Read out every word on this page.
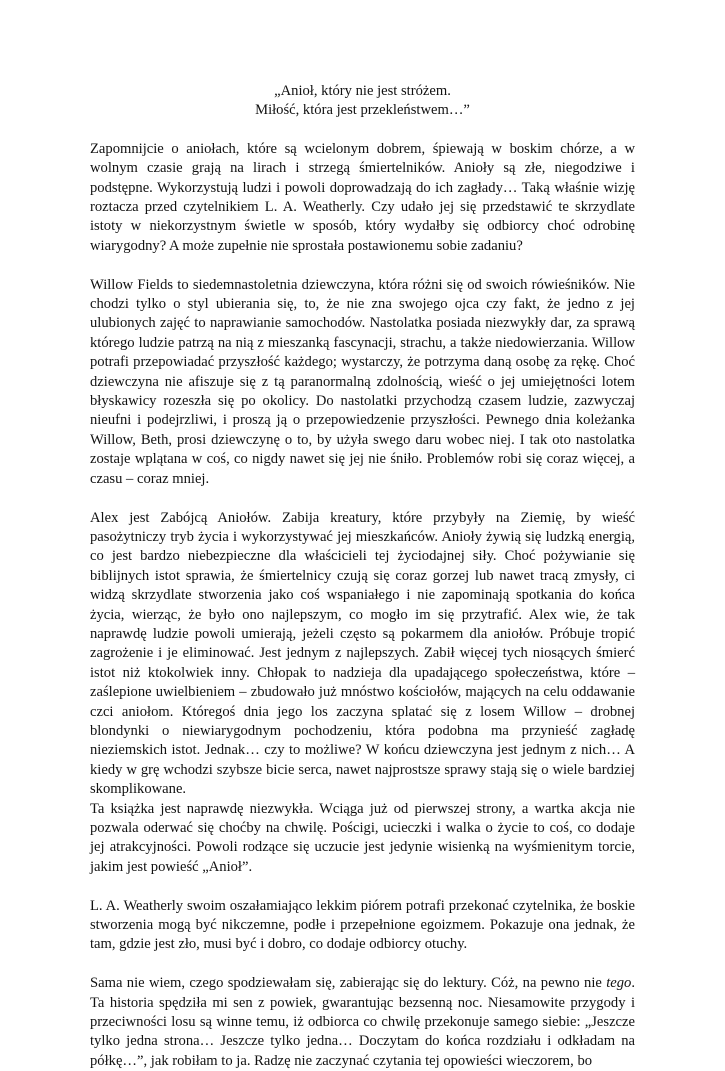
„Anioł, który nie jest stróżem.
Miłość, która jest przekleństwem…”

Zapomnijcie o aniołach, które są wcielonym dobrem, śpiewają w boskim chórze, a w wolnym czasie grają na lirach i strzegą śmiertelników. Anioły są złe, niegodziwe i podstępne. Wykorzystują ludzi i powoli doprowadzają do ich zagłady… Taką właśnie wizję roztacza przed czytelnikiem L. A. Weatherly. Czy udało jej się przedstawić te skrzydlate istoty w niekorzystnym świetle w sposób, który wydałby się odbiorcy choć odrobinę wiarygodny? A może zupełnie nie sprostała postawionemu sobie zadaniu?

Willow Fields to siedemnastoletnia dziewczyna, która różni się od swoich rówieśników. Nie chodzi tylko o styl ubierania się, to, że nie zna swojego ojca czy fakt, że jedno z jej ulubionych zajęć to naprawianie samochodów. Nastolatka posiada niezwykły dar, za sprawą którego ludzie patrzą na nią z mieszanką fascynacji, strachu, a także niedowierzania. Willow potrafi przepowiadać przyszłość każdego; wystarczy, że potrzyma daną osobę za rękę. Choć dziewczyna nie afiszuje się z tą paranormalną zdolnością, wieść o jej umiejętności lotem błyskawicy rozeszła się po okolicy. Do nastolatki przychodzą czasem ludzie, zazwyczaj nieufni i podejrzliwi, i proszą ją o przepowiedzenie przyszłości. Pewnego dnia koleżanka Willow, Beth, prosi dziewczynę o to, by użyła swego daru wobec niej. I tak oto nastolatka zostaje wplątana w coś, co nigdy nawet się jej nie śniło. Problemów robi się coraz więcej, a czasu – coraz mniej.

Alex jest Zabójcą Aniołów. Zabija kreatury, które przybyły na Ziemię, by wieść pasożytniczy tryb życia i wykorzystywać jej mieszkańców. Anioły żywią się ludzką energią, co jest bardzo niebezpieczne dla właścicieli tej życiodajnej siły. Choć pożywianie się biblijnych istot sprawia, że śmiertelnicy czują się coraz gorzej lub nawet tracą zmysły, ci widzą skrzydlate stworzenia jako coś wspaniałego i nie zapominają spotkania do końca życia, wierząc, że było ono najlepszym, co mogło im się przytrafić. Alex wie, że tak naprawdę ludzie powoli umierają, jeżeli często są pokarmem dla aniołów. Próbuje tropić zagrożenie i je eliminować. Jest jednym z najlepszych. Zabił więcej tych niosących śmierć istot niż ktokolwiek inny. Chłopak to nadzieja dla upadającego społeczeństwa, które – zaślepione uwielbieniem – zbudowało już mnóstwo kościołów, mających na celu oddawanie czci aniołom. Któregoś dnia jego los zaczyna splatać się z losem Willow – drobnej blondynki o niewiarygodnym pochodzeniu, która podobna ma przynieść zagładę nieziemskich istot. Jednak… czy to możliwe? W końcu dziewczyna jest jednym z nich… A kiedy w grę wchodzi szybsze bicie serca, nawet najprostsze sprawy stają się o wiele bardziej skomplikowane.

Ta książka jest naprawdę niezwykła. Wciąga już od pierwszej strony, a wartka akcja nie pozwala oderwać się choćby na chwilę. Pościgi, ucieczki i walka o życie to coś, co dodaje jej atrakcyjności. Powoli rodzące się uczucie jest jedynie wisienką na wyśmienitym torcie, jakim jest powieść „Anioł”.

L. A. Weatherly swoim oszałamiająco lekkim piórem potrafi przekonać czytelnika, że boskie stworzenia mogą być nikczemne, podłe i przepełnione egoizmem. Pokazuje ona jednak, że tam, gdzie jest zło, musi być i dobro, co dodaje odbiorcy otuchy.

Sama nie wiem, czego spodziewałam się, zabierając się do lektury. Cóż, na pewno nie tego. Ta historia spędziła mi sen z powiek, gwarantując bezsenną noc. Niesamowite przygody i przeciwności losu są winne temu, iż odbiorca co chwilę przekonuje samego siebie: „Jeszcze tylko jedna strona… Jeszcze tylko jedna… Doczytam do końca rozdziału i odkładam na półkę…”, jak robiłam to ja. Radzę nie zaczynać czytania tej opowieści wieczorem, bo
